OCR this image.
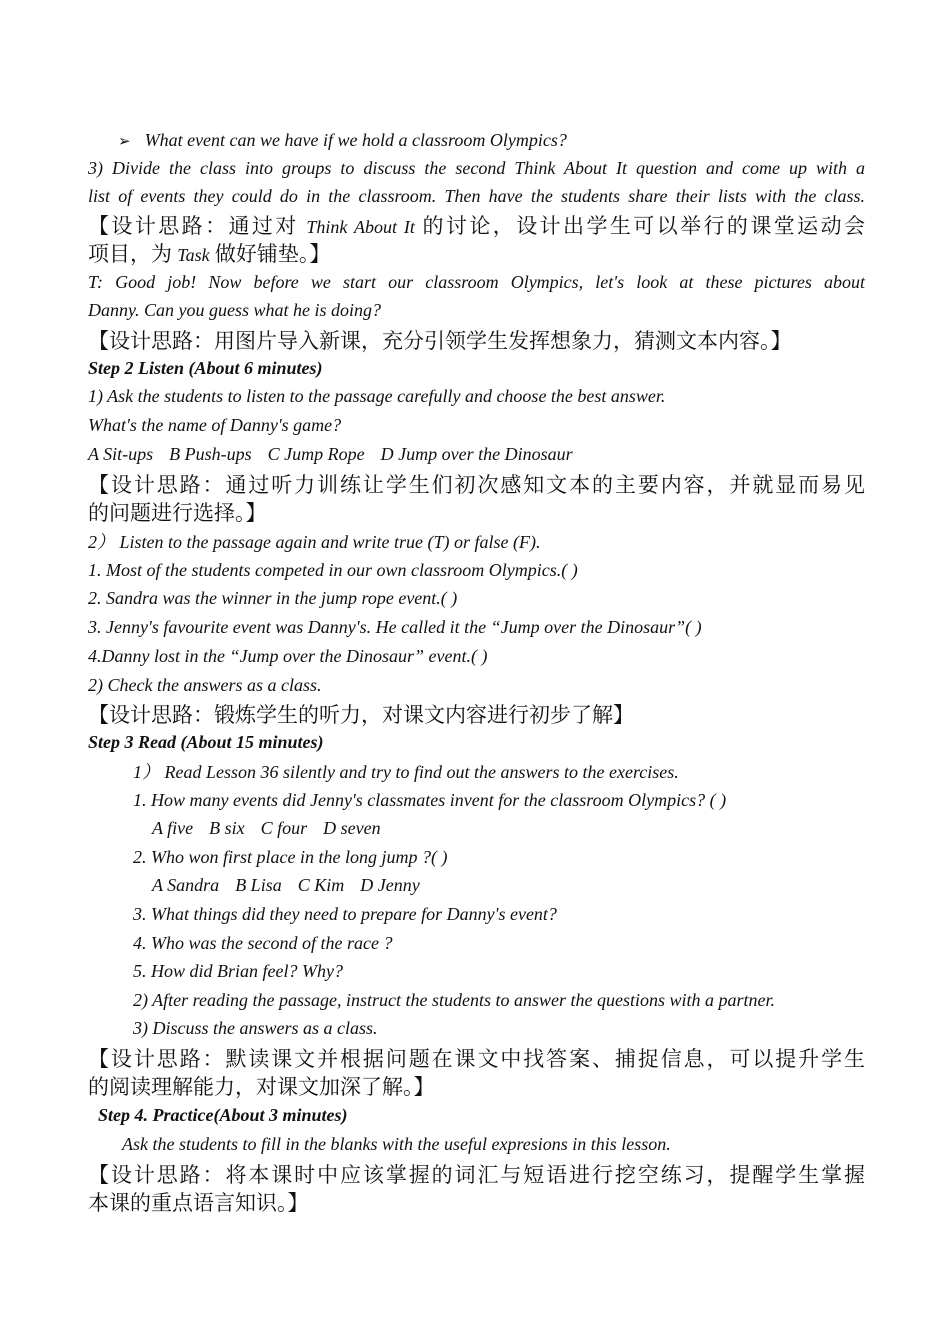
➢ What event can we have if we hold a classroom Olympics?
3) Divide the class into groups to discuss the second Think About It question and come up with a
list of events they could do in the classroom. Then have the students share their lists with the class.
【设计思路：通过对 Think About It 的讨论，设计出学生可以举行的课堂运动会
项目，为 Task 做好铺垫。】
T: Good job! Now before we start our classroom Olympics, let's look at these pictures about
Danny. Can you guess what he is doing?
【设计思路：用图片导入新课，充分引领学生发挥想象力，猜测文本内容。】
Step 2 Listen (About 6 minutes)
1) Ask the students to listen to the passage carefully and choose the best answer.
What's the name of Danny's game?
A Sit-ups B Push-ups C Jump Rope D Jump over the Dinosaur
【设计思路：通过听力训练让学生们初次感知文本的主要内容，并就显而易见
的问题进行选择。】
2） Listen to the passage again and write true (T) or false (F).
1. Most of the students competed in our own classroom Olympics.( )
2. Sandra was the winner in the jump rope event.( )
3. Jenny's favourite event was Danny's. He called it the “Jump over the Dinosaur”( )
4.Danny lost in the “Jump over the Dinosaur” event.( )
2) Check the answers as a class.
【设计思路：锻炼学生的听力，对课文内容进行初步了解】
Step 3 Read (About 15 minutes)
1） Read Lesson 36 silently and try to find out the answers to the exercises.
1. How many events did Jenny's classmates invent for the classroom Olympics? ( )
A five B six C four D seven
2. Who won first place in the long jump ?( )
A Sandra B Lisa C Kim D Jenny
3. What things did they need to prepare for Danny's event?
4. Who was the second of the race ?
5. How did Brian feel? Why?
2) After reading the passage, instruct the students to answer the questions with a partner.
3) Discuss the answers as a class.
【设计思路：默读课文并根据问题在课文中找答案、捕捉信息，可以提升学生
的阅读理解能力，对课文加深了解。】
Step 4. Practice(About 3 minutes)
Ask the students to fill in the blanks with the useful expresions in this lesson.
【设计思路：将本课时中应该掌握的词汇与短语进行挖空练习，提醒学生掌握
本课的重点语言知识。】
